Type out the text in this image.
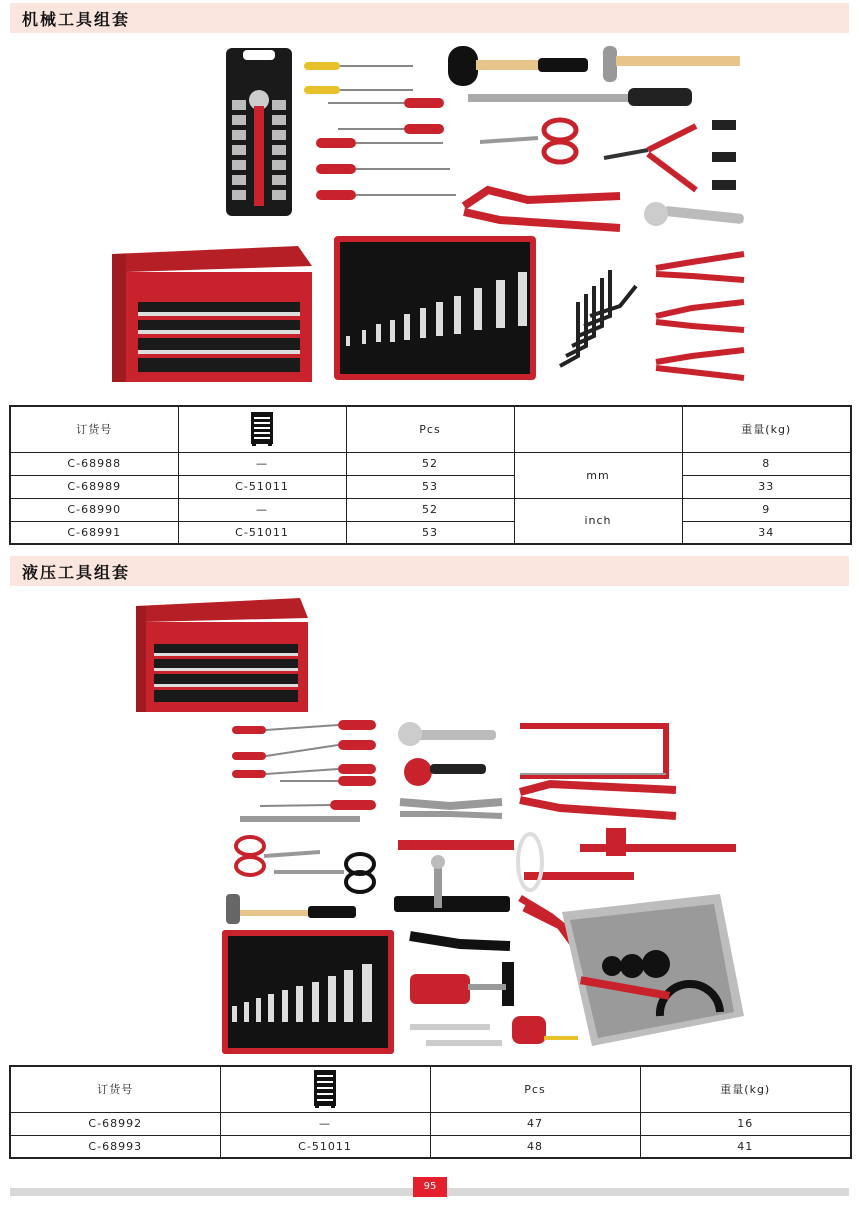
机械工具组套
订货号		Pcs		重量(kg)
C-68988	—	52	mm	8
C-68989	C-51011	53		33
C-68990	—	52	inch	9
C-68991	C-51011	53		34
液压工具组套
订货号		Pcs	重量(kg)
C-68992	—	47	16
C-68993	C-51011	48	41
95
